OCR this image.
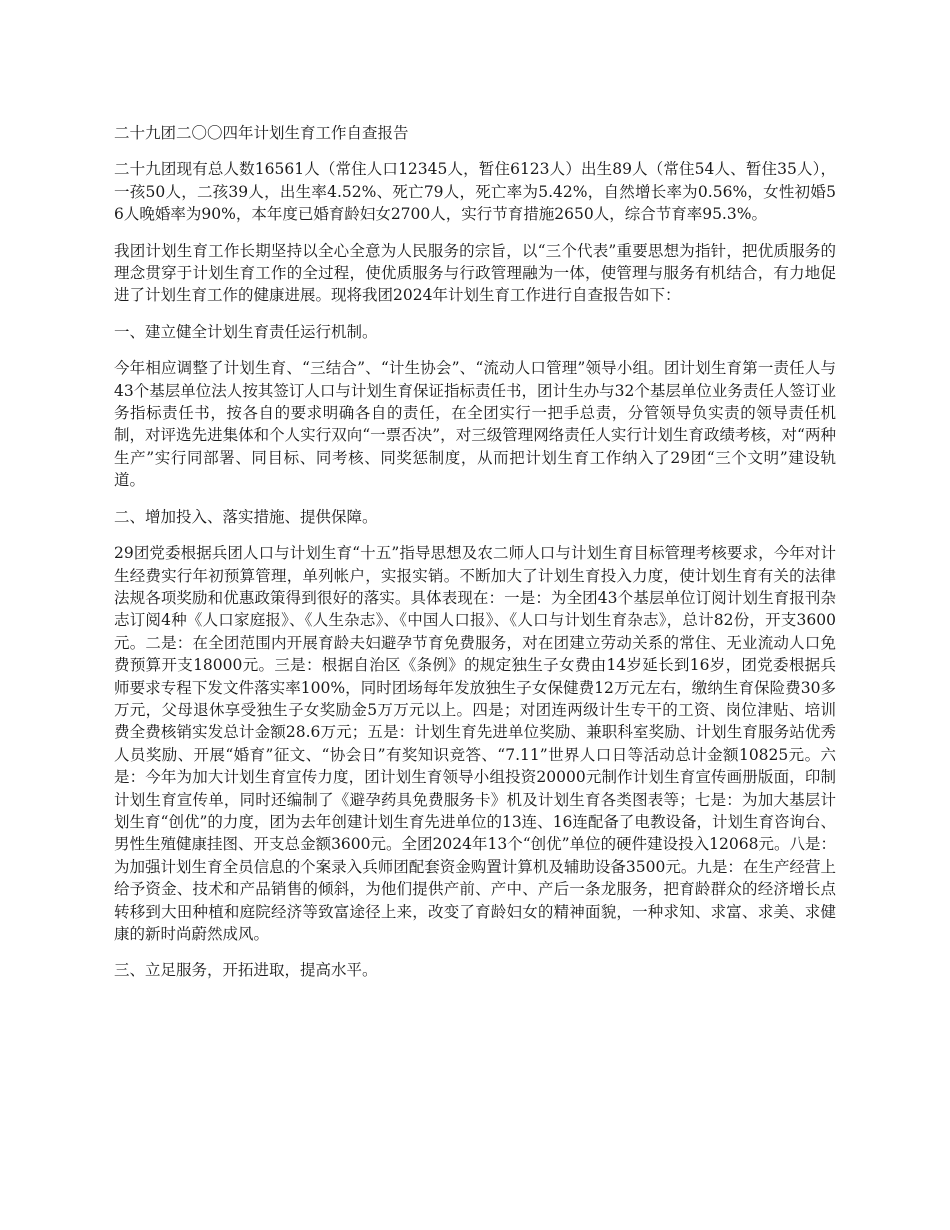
二十九团二〇〇四年计划生育工作自查报告

二十九团现有总人数16561人（常住人口12345人，暂住6123人）出生89人（常住54人、暂住35人），一孩50人，二孩39人，出生率4.52%、死亡79人，死亡率为5.42%，自然增长率为0.56%，女性初婚56人晚婚率为90%，本年度已婚育龄妇女2700人，实行节育措施2650人，综合节育率95.3%。

我团计划生育工作长期坚持以全心全意为人民服务的宗旨，以“三个代表”重要思想为指针，把优质服务的理念贯穿于计划生育工作的全过程，使优质服务与行政管理融为一体，使管理与服务有机结合，有力地促进了计划生育工作的健康进展。现将我团2024年计划生育工作进行自查报告如下：

一、建立健全计划生育责任运行机制。

今年相应调整了计划生育、“三结合”、“计生协会”、“流动人口管理”领导小组。团计划生育第一责任人与43个基层单位法人按其签订人口与计划生育保证指标责任书，团计生办与32个基层单位业务责任人签订业务指标责任书，按各自的要求明确各自的责任，在全团实行一把手总责，分管领导负实责的领导责任机制，对评选先进集体和个人实行双向“一票否决”，对三级管理网络责任人实行计划生育政绩考核，对“两种生产”实行同部署、同目标、同考核、同奖惩制度，从而把计划生育工作纳入了29团“三个文明”建设轨道。

二、增加投入、落实措施、提供保障。

29团党委根据兵团人口与计划生育“十五”指导思想及农二师人口与计划生育目标管理考核要求，今年对计生经费实行年初预算管理，单列帐户，实报实销。不断加大了计划生育投入力度，使计划生育有关的法律法规各项奖励和优惠政策得到很好的落实。具体表现在：一是：为全团43个基层单位订阅计划生育报刊杂志订阅4种《人口家庭报》、《人生杂志》、《中国人口报》、《人口与计划生育杂志》，总计82份，开支3600元。二是：在全团范围内开展育龄夫妇避孕节育免费服务，对在团建立劳动关系的常住、无业流动人口免费预算开支18000元。三是：根据自治区《条例》的规定独生子女费由14岁延长到16岁，团党委根据兵师要求专程下发文件落实率100%，同时团场每年发放独生子女保健费12万元左右，缴纳生育保险费30多万元，父母退休享受独生子女奖励金5万万元以上。四是；对团连两级计生专干的工资、岗位津贴、培训费全费核销实发总计金额28.6万元；五是：计划生育先进单位奖励、兼职科室奖励、计划生育服务站优秀人员奖励、开展“婚育”征文、“协会日”有奖知识竞答、“7.11”世界人口日等活动总计金额10825元。六是：今年为加大计划生育宣传力度，团计划生育领导小组投资20000元制作计划生育宣传画册版面，印制计划生育宣传单，同时还编制了《避孕药具免费服务卡》机及计划生育各类图表等；七是：为加大基层计划生育“创优”的力度，团为去年创建计划生育先进单位的13连、16连配备了电教设备，计划生育咨询台、男性生殖健康挂图、开支总金额3600元。全团2024年13个“创优”单位的硬件建设投入12068元。八是：为加强计划生育全员信息的个案录入兵师团配套资金购置计算机及辅助设备3500元。九是：在生产经营上给予资金、技术和产品销售的倾斜，为他们提供产前、产中、产后一条龙服务，把育龄群众的经济增长点转移到大田种植和庭院经济等致富途径上来，改变了育龄妇女的精神面貌，一种求知、求富、求美、求健康的新时尚蔚然成风。

三、立足服务，开拓进取，提高水平。
